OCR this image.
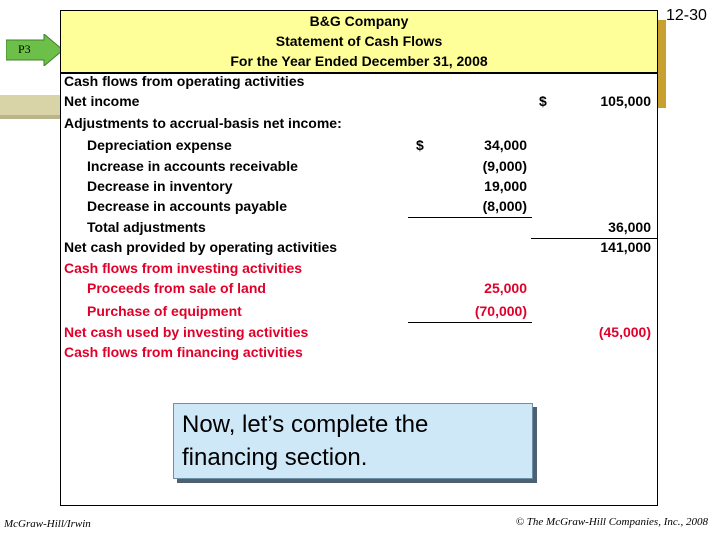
12-30
P3
B&G Company
Statement of Cash Flows
For the Year Ended December 31, 2008
Cash flows from operating activities
Net income	$	105,000
Adjustments to accrual-basis net income:
Depreciation expense	$	34,000
Increase in accounts receivable	(9,000)
Decrease in inventory	19,000
Decrease in accounts payable	(8,000)
Total adjustments	36,000
Net cash provided by operating activities	141,000
Cash flows from investing activities
Proceeds from sale of land	25,000
Purchase of equipment	(70,000)
Net cash used by investing activities	(45,000)
Cash flows from financing activities
Now, let’s complete the financing section.
McGraw-Hill/Irwin	© The McGraw-Hill Companies, Inc., 2008
